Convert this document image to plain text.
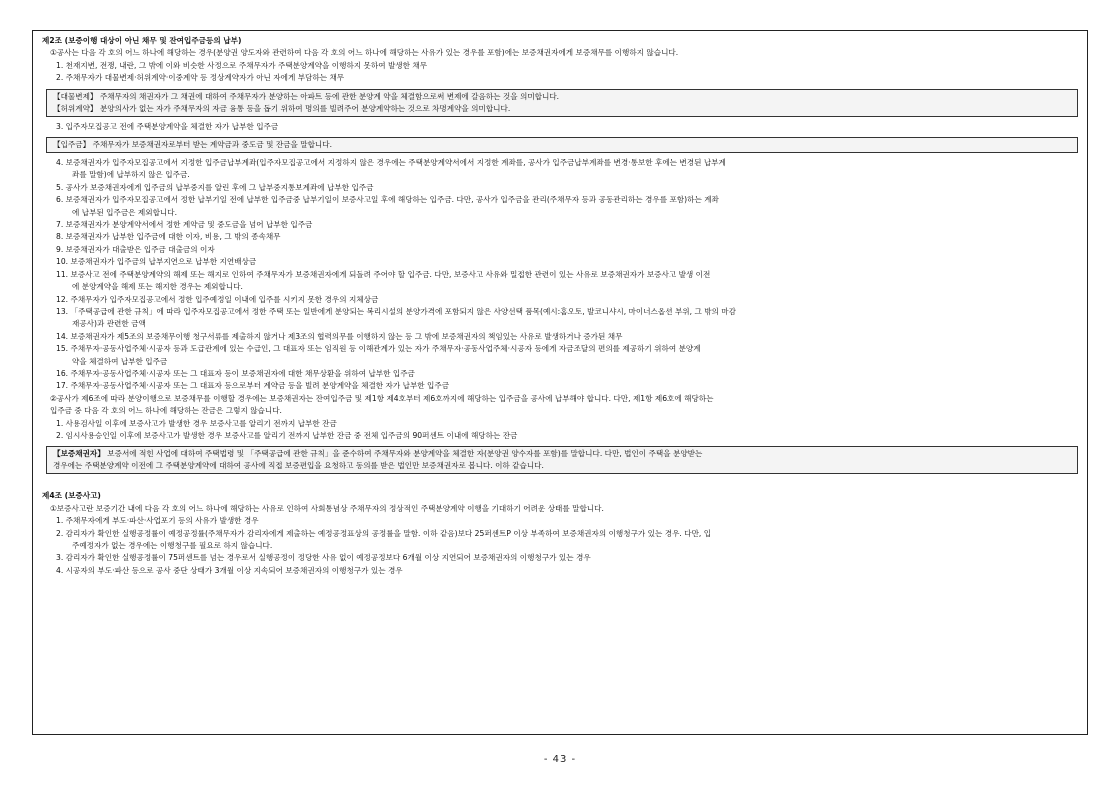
제2조 (보증이행 대상이 아닌 채무 및 잔여입주금등의 납부)
①공사는 다음 각 호의 어느 하나에 해당하는 경우(분양권 양도자와 관련하여 다음 각 호의 어느 하나에 해당하는 사유가 있는 경우를 포함)에는 보증채권자에게 보증채무를 이행하지 않습니다.
1. 천재지변, 전쟁, 내란, 그 밖에 이와 비슷한 사정으로 주채무자가 주택분양계약을 이행하지 못하여 발생한 채무
2. 주채무자가 대물변제·허위계약·이중계약 등 정상계약자가 아닌 자에게 부담하는 채무
【대물변제】 주채무자의 채권자가 그 채권에 대하여 주채무자가 분양하는 아파트 등에 관한 분양계 약을 체결함으로써 변제에 갈음하는 것을 의미합니다.
【허위계약】 분양의사가 없는 자가 주채무자의 자금 융통 등을 돕기 위하여 명의를 빌려주어 분양계약하는 것으로 차명계약을 의미합니다.
3. 입주자모집공고 전에 주택분양계약을 체결한 자가 납부한 입주금
【입주금】 주채무자가 보증채권자로부터 받는 계약금과 중도금 및 잔금을 말합니다.
4. 보증채권자가 입주자모집공고에서 지정한 입주금납부계좌(입주자모집공고에서 지정하지 않은 경우에는 주택분양계약서에서 지정한 계좌를, 공사가 입주금납부계좌를 변경·통보한 후에는 변경된 납부계
좌를 말함)에 납부하지 않은 입주금.
5. 공사가 보증채권자에게 입주금의 납부중지를 알린 후에 그 납부중지통보계좌에 납부한 입주금
6. 보증채권자가 입주자모집공고에서 정한 납부기일 전에 납부한 입주금중 납부기일이 보증사고일 후에 해당하는 입주금. 다만, 공사가 입주금을 관리(주채무자 등과 공동관리하는 경우를 포함)하는 계좌
에 납부된 입주금은 제외합니다.
7. 보증채권자가 분양계약서에서 정한 계약금 및 중도금을 넘어 납부한 입주금
8. 보증채권자가 납부한 입주금에 대한 이자, 비용, 그 밖의 종속채무
9. 보증채권자가 대출받은 입주금 대출금의 이자
10. 보증채권자가 입주금의 납부지연으로 납부한 지연배상금
11. 보증사고 전에 주택분양계약의 해제 또는 해지로 인하여 주채무자가 보증채권자에게 되돌려 주어야 할 입주금. 다만, 보증사고 사유와 밀접한 관련이 있는 사유로 보증채권자가 보증사고 발생 이전
에 분양계약을 해제 또는 해지한 경우는 제외합니다.
12. 주채무자가 입주자모집공고에서 정한 입주예정일 이내에 입주를 시키지 못한 경우의 지체상금
13. 「주택공급에 관한 규칙」에 따라 입주자모집공고에서 정한 주택 또는 일반에게 분양되는 복리시설의 분양가격에 포함되지 않은 사양선택 품목(예시:홈오토, 발코니샤시, 마이너스옵션 부위, 그 밖의 마감
재공사)과 관련한 금액
14. 보증채권자가 제5조의 보증채무이행 청구서류를 제출하지 않거나 제3조의 협력의무를 이행하지 않는 등 그 밖에 보증채권자의 책임있는 사유로 발생하거나 증가된 채무
15. 주채무자·공동사업주체·시공자 등과 도급관계에 있는 수급인, 그 대표자 또는 임직원 등 이해관계가 있는 자가 주채무자·공동사업주체·시공자 등에게 자금조달의 편의를 제공하기 위하여 분양계
약을 체결하여 납부한 입주금
16. 주채무자·공동사업주체·시공자 또는 그 대표자 등이 보증채권자에 대한 채무상환을 위하여 납부한 입주금
17. 주채무자·공동사업주체·시공자 또는 그 대표자 등으로부터 계약금 등을 빌려 분양계약을 체결한 자가 납부한 입주금
②공사가 제6조에 따라 분양이행으로 보증채무를 이행할 경우에는 보증채권자는 잔여입주금 및 제1항 제4호부터 제6호까지에 해당하는 입주금을 공사에 납부해야 합니다. 다만, 제1항 제6호에 해당하는
입주금 중 다음 각 호의 어느 하나에 해당하는 잔금은 그렇지 않습니다.
1. 사용검사일 이후에 보증사고가 발생한 경우 보증사고를 알리기 전까지 납부한 잔금
2. 임시사용승인일 이후에 보증사고가 발생한 경우 보증사고를 알리기 전까지 납부한 잔금 중 전체 입주금의 90퍼센트 이내에 해당하는 잔금
【보증채권자】 보증서에 적힌 사업에 대하여 주택법령 및 「주택공급에 관한 규칙」을 준수하여 주채무자와 분양계약을 체결한 자(분양권 양수자를 포함)를 말합니다. 다만, 법인이 주택을 분양받는
경우에는 주택분양계약 이전에 그 주택분양계약에 대하여 공사에 직접 보증편입을 요청하고 동의를 받은 법인만 보증채권자로 봅니다. 이하 같습니다.
제4조 (보증사고)
①보증사고란 보증기간 내에 다음 각 호의 어느 하나에 해당하는 사유로 인하여 사회통념상 주채무자의 정상적인 주택분양계약 이행을 기대하기 어려운 상태를 말합니다.
1. 주채무자에게 부도·파산·사업포기 등의 사유가 발생한 경우
2. 감리자가 확인한 실행공정률이 예정공정률(주채무자가 감리자에게 제출하는 예정공정표상의 공정률을 말함. 이하 같음)보다 25퍼센트P 이상 부족하여 보증채권자의 이행청구가 있는 경우. 다만, 입
주예정자가 없는 경우에는 이행청구를 필요로 하지 않습니다.
3. 감리자가 확인한 실행공정률이 75퍼센트를 넘는 경우로서 실행공정이 정당한 사유 없이 예정공정보다 6개월 이상 지연되어 보증채권자의 이행청구가 있는 경우
4. 시공자의 부도·파산 등으로 공사 중단 상태가 3개월 이상 지속되어 보증채권자의 이행청구가 있는 경우
- 43 -
